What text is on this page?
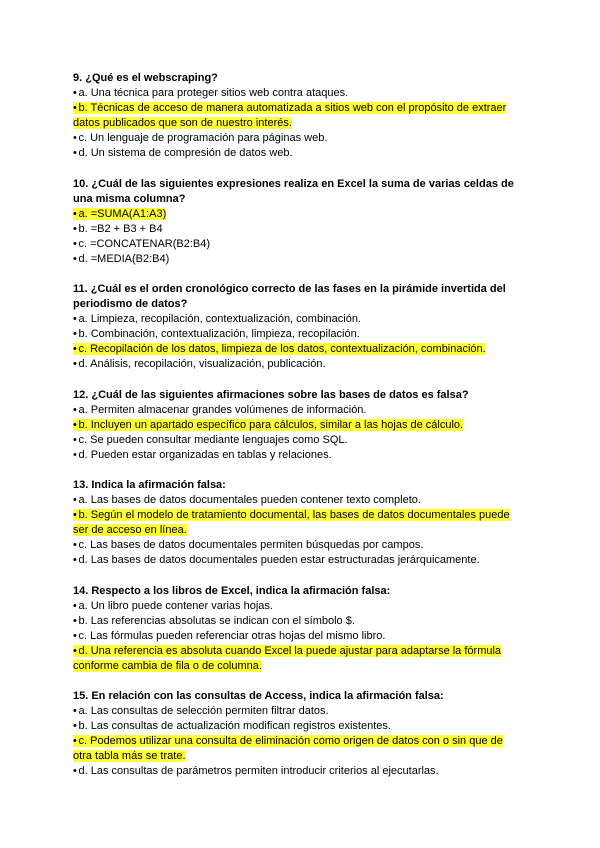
9. ¿Qué es el webscraping?

• a. Una técnica para proteger sitios web contra ataques.

• b. Técnicas de acceso de manera automatizada a sitios web con el propósito de extraer datos publicados que son de nuestro interés.

• c. Un lenguaje de programación para páginas web.

• d. Un sistema de compresión de datos web.

10. ¿Cuál de las siguientes expresiones realiza en Excel la suma de varias celdas de una misma columna?

• a. =SUMA(A1:A3)

• b. =B2 + B3 + B4

• c. =CONCATENAR(B2:B4)

• d. =MEDIA(B2:B4)

11. ¿Cuál es el orden cronológico correcto de las fases en la pirámide invertida del periodismo de datos?

• a. Limpieza, recopilación, contextualización, combinación.

• b. Combinación, contextualización, limpieza, recopilación.

• c. Recopilación de los datos, limpieza de los datos, contextualización, combinación.

• d. Análisis, recopilación, visualización, publicación.

12. ¿Cuál de las siguientes afirmaciones sobre las bases de datos es falsa?

• a. Permiten almacenar grandes volúmenes de información.

• b. Incluyen un apartado específico para cálculos, similar a las hojas de cálculo.

• c. Se pueden consultar mediante lenguajes como SQL.

• d. Pueden estar organizadas en tablas y relaciones.

13. Indica la afirmación falsa:

• a. Las bases de datos documentales pueden contener texto completo.

• b. Según el modelo de tratamiento documental, las bases de datos documentales puede ser de acceso en línea.

• c. Las bases de datos documentales permiten búsquedas por campos.

• d. Las bases de datos documentales pueden estar estructuradas jerárquicamente.

14. Respecto a los libros de Excel, indica la afirmación falsa:

• a. Un libro puede contener varias hojas.

• b. Las referencias absolutas se indican con el símbolo $.

• c. Las fórmulas pueden referenciar otras hojas del mismo libro.

• d. Una referencia es absoluta cuando Excel la puede ajustar para adaptarse la fórmula conforme cambia de fila o de columna.

15. En relación con las consultas de Access, indica la afirmación falsa:

• a. Las consultas de selección permiten filtrar datos.

• b. Las consultas de actualización modifican registros existentes.

• c. Podemos utilizar una consulta de eliminación como origen de datos con o sin que de otra tabla más se trate.

• d. Las consultas de parámetros permiten introducir criterios al ejecutarlas.
